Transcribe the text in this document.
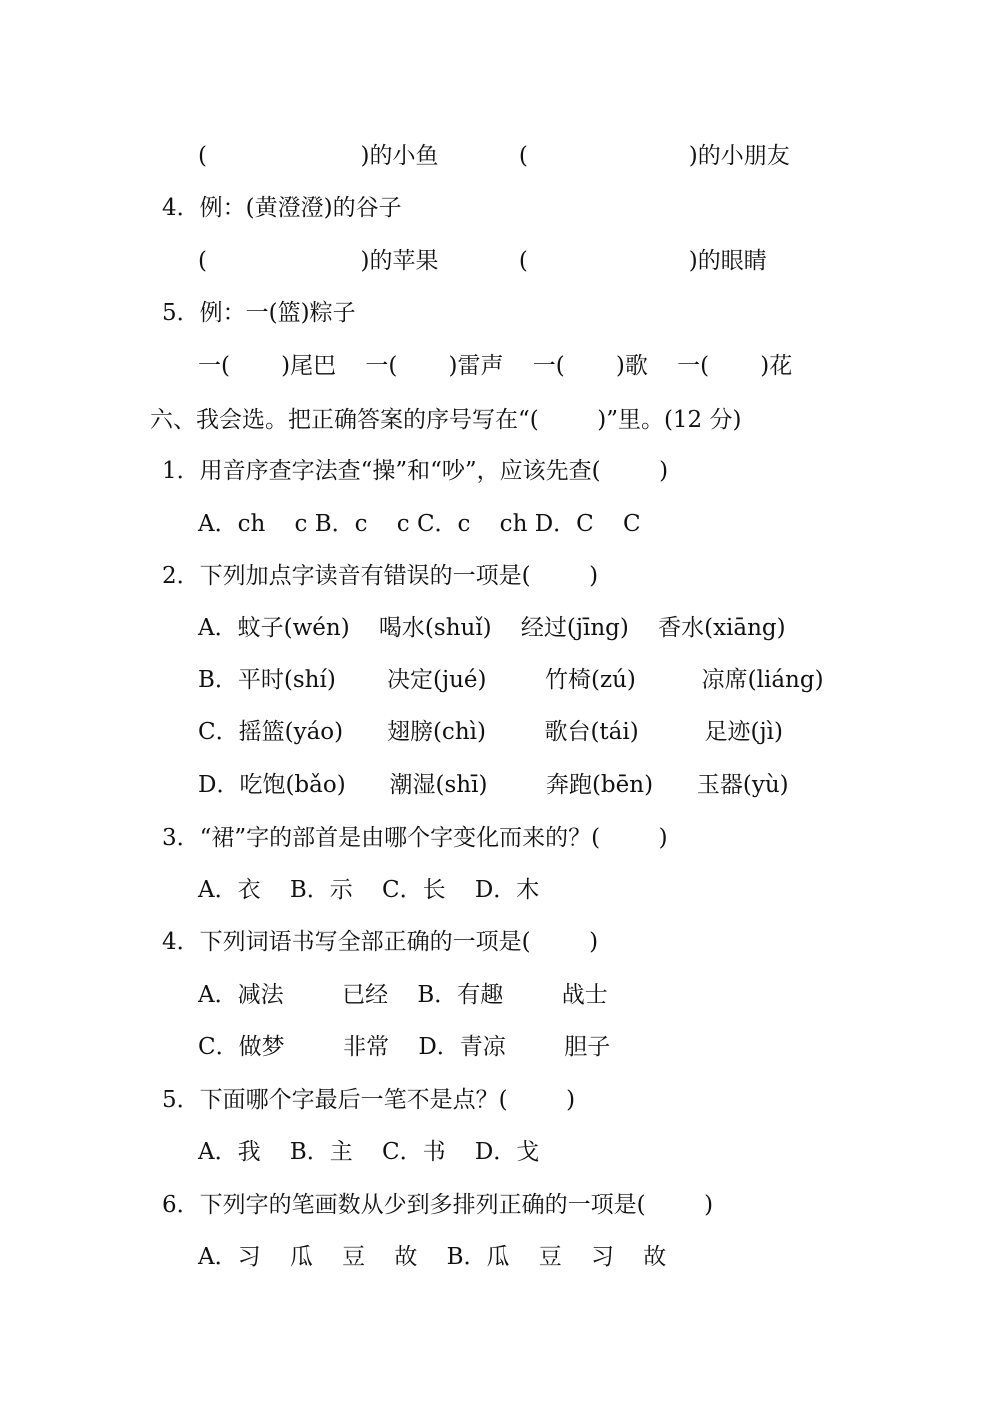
(                     )的小鱼           (                      )的小朋友

4．例：(黄澄澄)的谷子

(                     )的苹果           (                      )的眼睛

5．例：一(篮)粽子

一(       )尾巴    一(       )雷声    一(       )歌    一(       )花

六、我会选。把正确答案的序号写在“(        )”里。(12 分)

1．用音序查字法查“操”和“吵”，应该先查(        )

A．ch    c B．c    c C．c    ch D．C    C

2．下列加点字读音有错误的一项是(        )

A．蚊子(wén)    喝水(shuǐ)    经过(jīng)    香水(xiāng)

B．平时(shí)       决定(jué)        竹椅(zú)         凉席(liáng)

C．摇篮(yáo)      翅膀(chì)        歌台(tái)         足迹(jì)

D．吃饱(bǎo)      潮湿(shī)        奔跑(bēn)      玉器(yù)

3．“裙”字的部首是由哪个字变化而来的？(        )

A．衣    B．示    C．长    D．木

4．下列词语书写全部正确的一项是(        )

A．减法        已经    B．有趣        战士

C．做梦        非常    D．青凉        胆子

5．下面哪个字最后一笔不是点？(        )

A．我    B．主    C．书    D．戈

6．下列字的笔画数从少到多排列正确的一项是(        )

A．习    瓜    豆    故    B．瓜    豆    习    故
